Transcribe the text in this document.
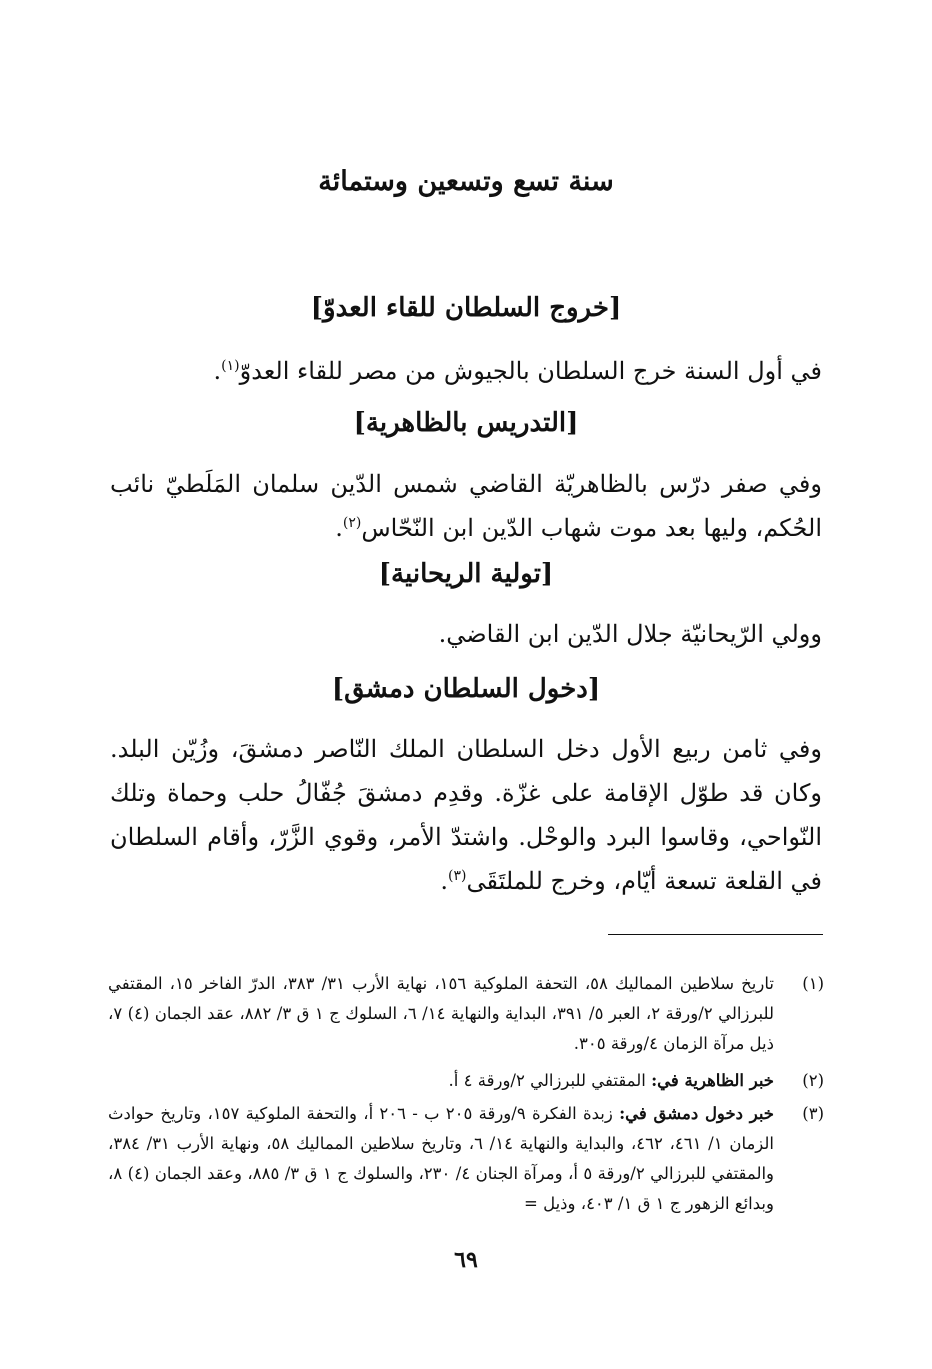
سنة تسع وتسعين وستمائة
[خروج السلطان للقاء العدوّ]

في أول السنة خرج السلطان بالجيوش من مصر للقاء العدوّ$^{(١)}$.

[التدريس بالظاهرية]

وفي صفر درّس بالظاهريّة القاضي شمس الدّين سلمان المَلَطيّ نائب الحُكم، وليها بعد موت شهاب الدّين ابن النّحّاس$^{(٢)}$.

[تولية الريحانية]

وولي الرّيحانيّة جلال الدّين ابن القاضي.

[دخول السلطان دمشق]

وفي ثامن ربيع الأول دخل السلطان الملك النّاصر دمشقَ، وزُيّن البلد. وكان قد طوّل الإقامة على غزّة. وقدِم دمشقَ جُفّالُ حلب وحماة وتلك النّواحي، وقاسوا البرد والوحْل. واشتدّ الأمر، وقوي الزَّرّ، وأقام السلطان في القلعة تسعة أيّام، وخرج للملتَقَى$^{(٣)}$.

(١)
تاريخ سلاطين المماليك ٥٨، التحفة الملوكية ١٥٦، نهاية الأرب ٣١/ ٣٨٣، الدرّ الفاخر ١٥، المقتفي للبرزالي ٢/ورقة ٢، العبر ٥/ ٣٩١، البداية والنهاية ١٤/ ٦، السلوك ج ١ ق ٣/ ٨٨٢، عقد الجمان (٤) ٧، ذيل مرآة الزمان ٤/ورقة ٣٠٥.
(٢)
خبر الظاهرية في: المقتفي للبرزالي ٢/ورقة ٤ أ.
(٣)
خبر دخول دمشق في: زبدة الفكرة ٩/ورقة ٢٠٥ ب - ٢٠٦ أ، والتحفة الملوكية ١٥٧، وتاريخ حوادث الزمان ١/ ٤٦١، ٤٦٢، والبداية والنهاية ١٤/ ٦، وتاريخ سلاطين المماليك ٥٨، ونهاية الأرب ٣١/ ٣٨٤، والمقتفي للبرزالي ٢/ورقة ٥ أ، ومرآة الجنان ٤/ ٢٣٠، والسلوك ج ١ ق ٣/ ٨٨٥، وعقد الجمان (٤) ٨، وبدائع الزهور ج ١ ق ١/ ٤٠٣، وذيل =
٦٩
